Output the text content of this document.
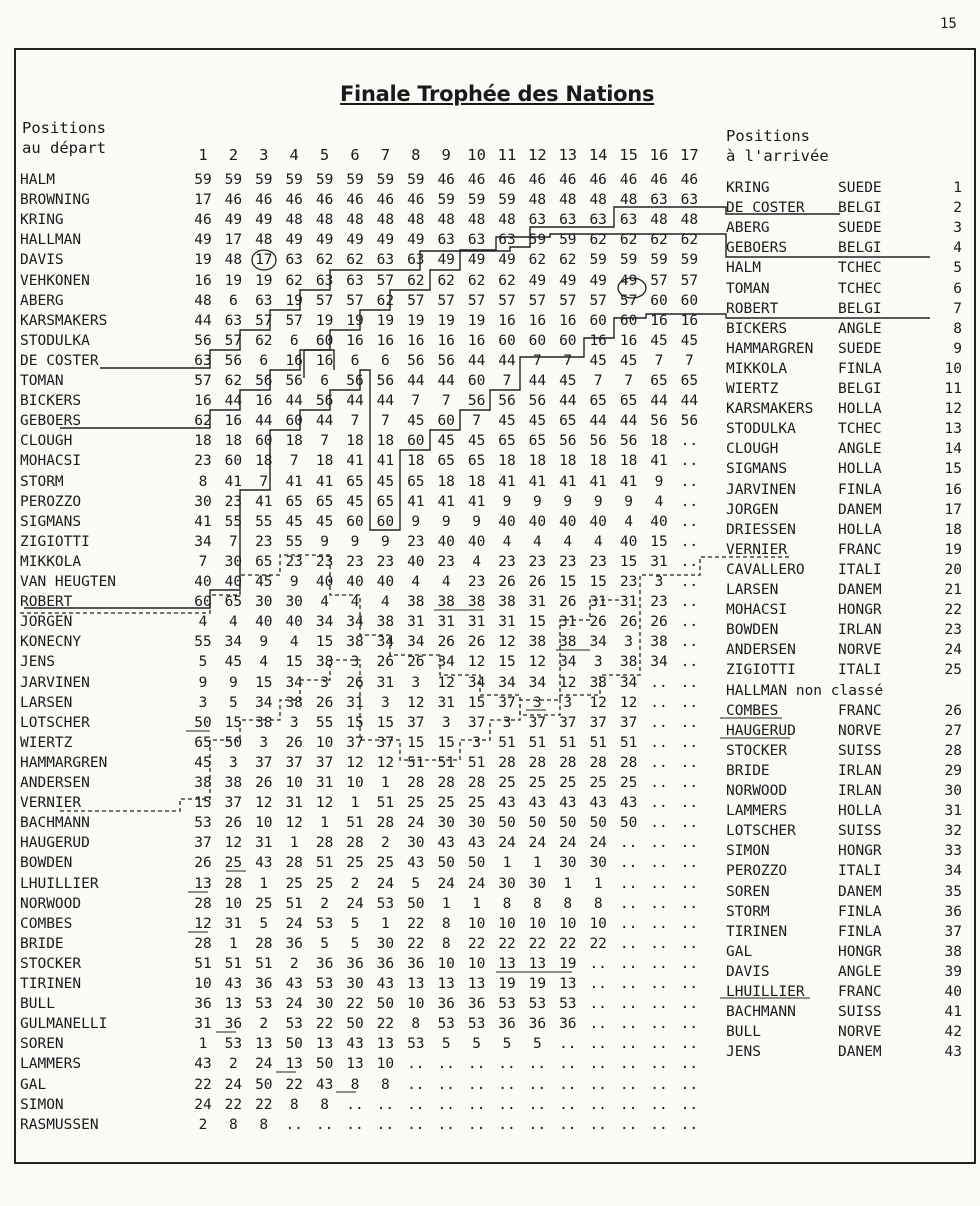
15
Finale Trophée des Nations
Positions
au départ
Positions
à l'arrivée
1	2	3	4	5	6	7	8	9	10 11 12 13 14 15 16 17
HALM	59 59 59 59 59 59 59 59 46 46 46 46 46 46 46 46 46
BROWNING	17 46 46 46 46 46 46 46 59 59 59 48 48 48 48 63 63
KRING	46 49 49 48 48 48 48 48 48 48 48 63 63 63 63 48 48
HALLMAN	49 17 48 49 49 49 49 49 63 63 63 59 59 62 62 62 62
DAVIS	19 48 17 63 62 62 63 63 49 49 49 62 62 59 59 59 59
VEHKONEN	16 19 19 62 63 63 57 62 62 62 62 49 49 49 49 57 57
ABERG	48	6	63 19 57 57 62 57 57 57 57 57 57 57 57 60 60
KARSMAKERS	44 63 57 57 19 19 19 19 19 19 16 16 16 60 60 16 16
STODULKA	56 57 62	6	60 16 16 16 16 16 60 60 60 16 16 45 45
DE COSTER	63 56	6	16 16	6	6	56 56 44 44	7	7	45 45	7	7
TOMAN	57 62 56 56	6	56 56 44 44 60	7	44 45	7	7	65 65
BICKERS	16 44 16 44 56 44 44	7	7	56 56 56 44 65 65 44 44
GEBOERS	62 16 44 60 44	7	7	45 60	7	45 45 65 44 44 56 56
CLOUGH	18 18 60 18	7	18 18 60 45 45 65 65 56 56 56 18 ..
MOHACSI	23 60 18	7	18 41 41 18 65 65 18 18 18 18 18 41 ..
STORM	8	41	7	41 41 65 45 65 18 18 41 41 41 41 41	9	..
PEROZZO	30 23 41 65 65 45 65 41 41 41	9	9	9	9	9	4	..
SIGMANS	41 55 55 45 45 60 60	9	9	9	40 40 40 40	4	40 ..
ZIGIOTTI	34	7	23 55	9	9	9	23 40 40	4	4	4	4	40 15 ..
MIKKOLA	7	30 65 23 23 23 23 40 23	4	23 23 23 23 15 31 ..
VAN HEUGTEN	40 40 45	9	40 40 40	4	4	23 26 26 15 15 23	3	..
ROBERT	60 65 30 30	4	4	4	38 38 38 38 31 26 31 31 23 ..
JORGEN	4	4	40 40 34 34 38 31 31 31 31 15 31 26 26 26 ..
KONECNY	55 34	9	4	15 38 34 34 26 26 12 38 38 34	3	38 ..
JENS	5	45	4	15 38	3	26 26 34 12 15 12 34	3	38 34 ..
JARVINEN	9	9	15 34	3	26 31	3	12 34 34 34 12 38 34 .. ..
LARSEN	3	5	34 38 26 31	3	12 31 15 37	3	3	12 12 .. ..
LOTSCHER	50 15 38	3	55 15 15 37	3	37	3	37 37 37 37 .. ..
WIERTZ	65 50	3	26 10 37 37 15 15	3	51 51 51 51 51 .. ..
HAMMARGREN	45	3	37 37 37 12 12 51 51 51 28 28 28 28 28 .. ..
ANDERSEN	38 38 26 10 31 10	1	28 28 28 25 25 25 25 25 .. ..
VERNIER	15 37 12 31 12	1	51 25 25 25 43 43 43 43 43 .. ..
BACHMANN	53 26 10 12	1	51 28 24 30 30 50 50 50 50 50 .. ..
HAUGERUD	37 12 31	1	28 28	2	30 43 43 24 24 24 24 .. .. ..
BOWDEN	26 25 43 28 51 25 25 43 50 50	1	1	30 30 .. .. ..
LHUILLIER	13 28	1	25 25	2	24	5	24 24 30 30	1	1	.. .. ..
NORWOOD	28 10 25 51	2	24 53 50	1	1	8	8	8	8	.. .. ..
COMBES	12 31	5	24 53	5	1	22	8	10 10 10 10 10 .. .. ..
BRIDE	28	1	28 36	5	5	30 22	8	22 22 22 22 22 .. .. ..
STOCKER	51 51 51	2	36 36 36 36 10 10 13 13 19 .. .. .. ..
TIRINEN	10 43 36 43 53 30 43 13 13 13 19 19 13 .. .. .. ..
BULL	36 13 53 24 30 22 50 10 36 36 53 53 53 .. .. .. ..
GULMANELLI	31 36	2	53 22 50 22	8	53 53 36 36 36 .. .. .. ..
SOREN	1	53 13 50 13 43 13 53	5	5	5	5	.. .. .. .. ..
LAMMERS	43	2	24 13 50 13 10 .. .. .. .. .. .. .. .. .. ..
GAL	22 24 50 22 43	8	8	.. .. .. .. .. .. .. .. .. ..
SIMON	24 22 22	8	8	.. .. .. .. .. .. .. .. .. .. .. ..
RASMUSSEN	2	8	8	.. .. .. .. .. .. .. .. .. .. .. .. .. ..
KRING	SUEDE	1
DE COSTER BELGI	2
ABERG	SUEDE	3
GEBOERS	BELGI	4
HALM	TCHEC	5
TOMAN	TCHEC	6
ROBERT	BELGI	7
BICKERS	ANGLE	8
HAMMARGREN SUEDE	9
MIKKOLA	FINLA	10
WIERTZ	BELGI	11
KARSMAKERS HOLLA	12
STODULKA	TCHEC	13
CLOUGH	ANGLE	14
SIGMANS	HOLLA	15
JARVINEN	FINLA	16
JORGEN	DANEM	17
DRIESSEN	HOLLA	18
VERNIER	FRANC	19
CAVALLERO ITALI	20
LARSEN	DANEM	21
MOHACSI	HONGR	22
BOWDEN	IRLAN	23
ANDERSEN	NORVE	24
ZIGIOTTI	ITALI	25
HALLMAN non classé
COMBES	FRANC	26
HAUGERUD	NORVE	27
STOCKER	SUISS	28
BRIDE	IRLAN	29
NORWOOD	IRLAN	30
LAMMERS	HOLLA	31
LOTSCHER	SUISS	32
SIMON	HONGR	33
PEROZZO	ITALI	34
SOREN	DANEM	35
STORM	FINLA	36
TIRINEN	FINLA	37
GAL	HONGR	38
DAVIS	ANGLE	39
LHUILLIER FRANC	40
BACHMANN	SUISS	41
BULL	NORVE	42
JENS	DANEM	43
